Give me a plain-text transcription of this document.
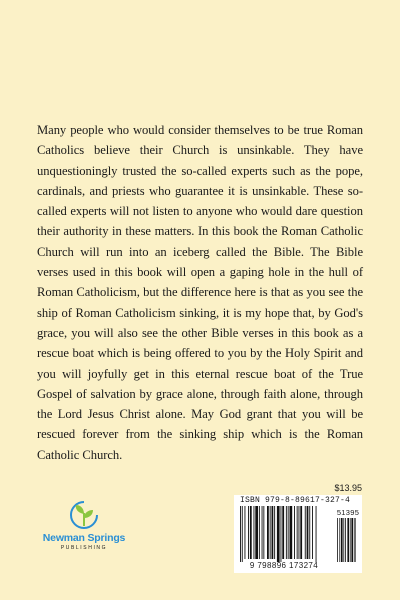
Many people who would consider themselves to be true Roman Catholics believe their Church is unsinkable. They have unquestioningly trusted the so-called experts such as the pope, cardinals, and priests who guarantee it is unsinkable. These so-called experts will not listen to anyone who would dare question their authority in these matters. In this book the Roman Catholic Church will run into an iceberg called the Bible. The Bible verses used in this book will open a gaping hole in the hull of Roman Catholicism, but the difference here is that as you see the ship of Roman Catholicism sinking, it is my hope that, by God's grace, you will also see the other Bible verses in this book as a rescue boat which is being offered to you by the Holy Spirit and you will joyfully get in this eternal rescue boat of the True Gospel of salvation by grace alone, through faith alone, through the Lord Jesus Christ alone. May God grant that you will be rescued forever from the sinking ship which is the Roman Catholic Church.

$13.95
ISBN 979-8-89617-327-4
9 798896 173274
51395
Newman Springs
PUBLISHING
